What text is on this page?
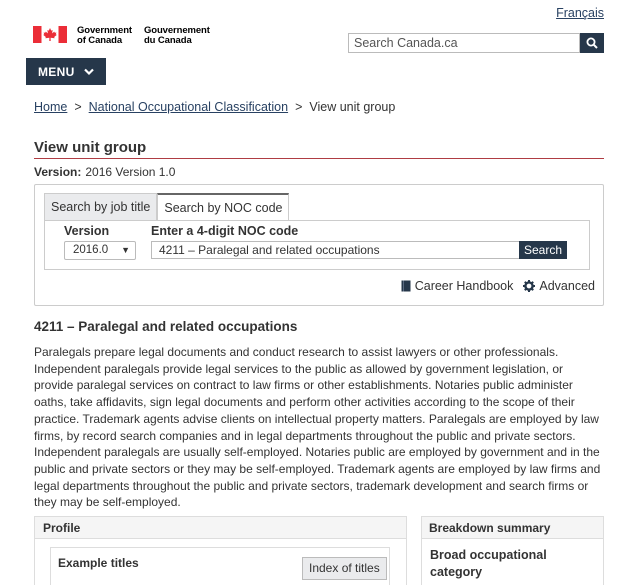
Français
Government
of Canada
Gouvernement
du Canada
Search Canada.ca
MENU
Home > National Occupational Classification > View unit group
View unit group
Version: 2016 Version 1.0
Search by job title	Search by NOC code
Version
2016.0 ▼
Enter a 4-digit NOC code
4211 – Paralegal and related occupations	Search
Career Handbook Advanced
4211 – Paralegal and related occupations

Paralegals prepare legal documents and conduct research to assist lawyers or other professionals. Independent paralegals provide legal services to the public as allowed by government legislation, or provide paralegal services on contract to law firms or other establishments. Notaries public administer oaths, take affidavits, sign legal documents and perform other activities according to the scope of their practice. Trademark agents advise clients on intellectual property matters. Paralegals are employed by law firms, by record search companies and in legal departments throughout the public and private sectors. Independent paralegals are usually self-employed. Notaries public are employed by government and in the public and private sectors or they may be self-employed. Trademark agents are employed by law firms and legal departments throughout the public and private sectors, trademark development and search firms or they may be self-employed.

Profile
Example titles	Index of titles
Breakdown summary
Broad occupational category
